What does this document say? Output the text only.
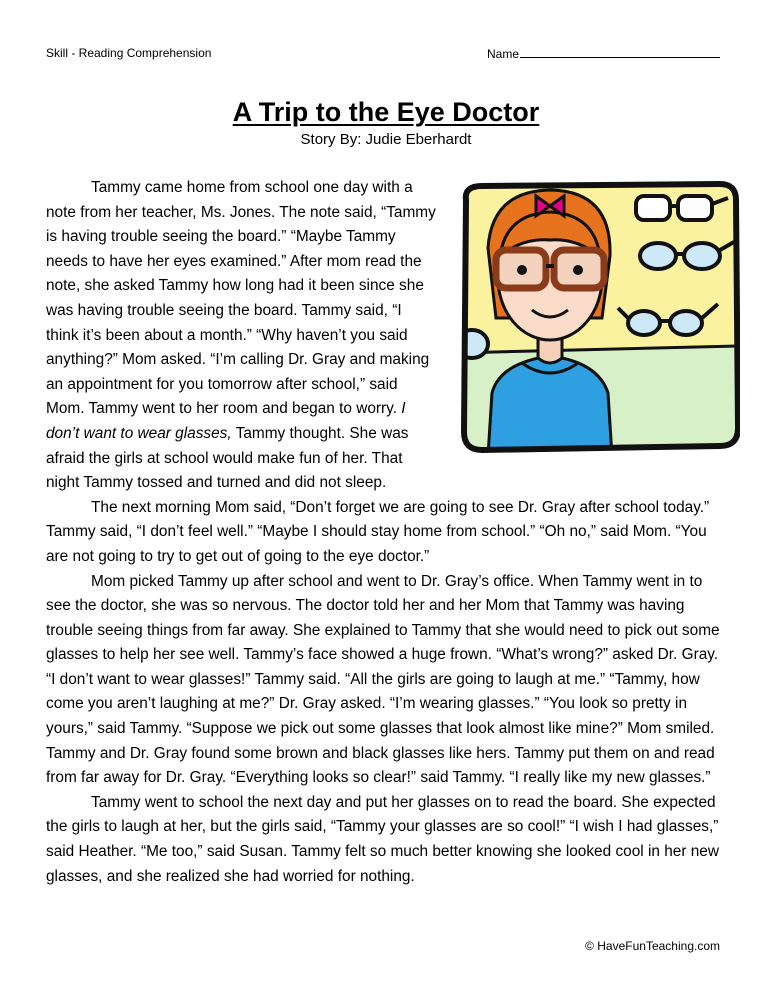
Skill - Reading Comprehension	Name
A Trip to the Eye Doctor
Story By: Judie Eberhardt

Tammy came home from school one day with a note from her teacher, Ms. Jones. The note said, “Tammy is having trouble seeing the board.” “Maybe Tammy needs to have her eyes examined.” After mom read the note, she asked Tammy how long had it been since she was having trouble seeing the board. Tammy said, “I think it’s been about a month.” “Why haven’t you said anything?” Mom asked. “I’m calling Dr. Gray and making an appointment for you tomorrow after school,” said Mom. Tammy went to her room and began to worry. I don’t want to wear glasses, Tammy thought. She was afraid the girls at school would make fun of her. That night Tammy tossed and turned and did not sleep.

The next morning Mom said, “Don’t forget we are going to see Dr. Gray after school today.” Tammy said, “I don’t feel well.” “Maybe I should stay home from school.” “Oh no,” said Mom. “You are not going to try to get out of going to the eye doctor.”

Mom picked Tammy up after school and went to Dr. Gray’s office. When Tammy went in to see the doctor, she was so nervous. The doctor told her and her Mom that Tammy was having trouble seeing things from far away. She explained to Tammy that she would need to pick out some glasses to help her see well. Tammy’s face showed a huge frown. “What’s wrong?” asked Dr. Gray. “I don’t want to wear glasses!” Tammy said. “All the girls are going to laugh at me.” “Tammy, how come you aren’t laughing at me?” Dr. Gray asked. “I’m wearing glasses.” “You look so pretty in yours,” said Tammy. “Suppose we pick out some glasses that look almost like mine?” Mom smiled. Tammy and Dr. Gray found some brown and black glasses like hers. Tammy put them on and read from far away for Dr. Gray. “Everything looks so clear!” said Tammy. “I really like my new glasses.”

Tammy went to school the next day and put her glasses on to read the board. She expected the girls to laugh at her, but the girls said, “Tammy your glasses are so cool!” “I wish I had glasses,” said Heather. “Me too,” said Susan. Tammy felt so much better knowing she looked cool in her new glasses, and she realized she had worried for nothing.

© HaveFunTeaching.com
